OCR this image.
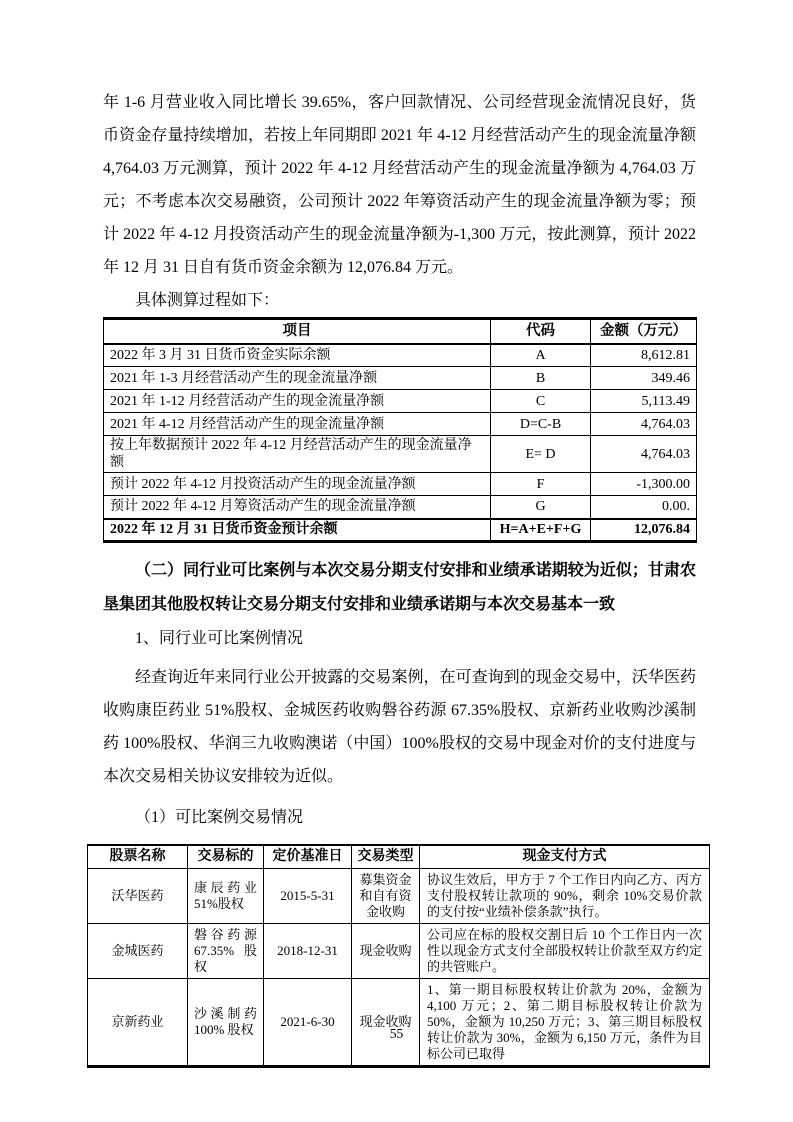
年 1-6 月营业收入同比增长 39.65%，客户回款情况、公司经营现金流情况良好，货币资金存量持续增加，若按上年同期即 2021 年 4-12 月经营活动产生的现金流量净额 4,764.03 万元测算，预计 2022 年 4-12 月经营活动产生的现金流量净额为 4,764.03 万元；不考虑本次交易融资，公司预计 2022 年筹资活动产生的现金流量净额为零；预计 2022 年 4-12 月投资活动产生的现金流量净额为-1,300 万元，按此测算，预计 2022 年 12 月 31 日自有货币资金余额为 12,076.84 万元。

具体测算过程如下：

项目	代码	金额（万元）
2022 年 3 月 31 日货币资金实际余额	A	8,612.81
2021 年 1-3 月经营活动产生的现金流量净额	B	349.46
2021 年 1-12 月经营活动产生的现金流量净额	C	5,113.49
2021 年 4-12 月经营活动产生的现金流量净额	D=C-B	4,764.03
按上年数据预计 2022 年 4-12 月经营活动产生的现金流量净额	E= D	4,764.03
预计 2022 年 4-12 月投资活动产生的现金流量净额	F	-1,300.00
预计 2022 年 4-12 月筹资活动产生的现金流量净额	G	0.00.
2022 年 12 月 31 日货币资金预计余额	H=A+E+F+G	12,076.84

（二）同行业可比案例与本次交易分期支付安排和业绩承诺期较为近似；甘肃农垦集团其他股权转让交易分期支付安排和业绩承诺期与本次交易基本一致

1、同行业可比案例情况

经查询近年来同行业公开披露的交易案例，在可查询到的现金交易中，沃华医药收购康臣药业 51%股权、金城医药收购磐谷药源 67.35%股权、京新药业收购沙溪制药 100%股权、华润三九收购澳诺（中国）100%股权的交易中现金对价的支付进度与本次交易相关协议安排较为近似。

（1）可比案例交易情况

股票名称	交易标的	定价基准日	交易类型	现金支付方式
沃华医药	康辰药业 51%股权	2015-5-31	募集资金和自有资金收购	协议生效后，甲方于 7 个工作日内向乙方、丙方支付股权转让款项的 90%，剩余 10%交易价款的支付按“业绩补偿条款”执行。
金城医药	磐谷药源 67.35% 股权	2018-12-31	现金收购	公司应在标的股权交割日后 10 个工作日内一次性以现金方式支付全部股权转让价款至双方约定的共管账户。
京新药业	沙溪制药 100% 股权	2021-6-30	现金收购	1、第一期目标股权转让价款为 20%，金额为 4,100 万元；2、第二期目标股权转让价款为 50%，金额为 10,250 万元；3、第三期目标股权转让价款为 30%，金额为 6,150 万元，条件为目标公司已取得
55
